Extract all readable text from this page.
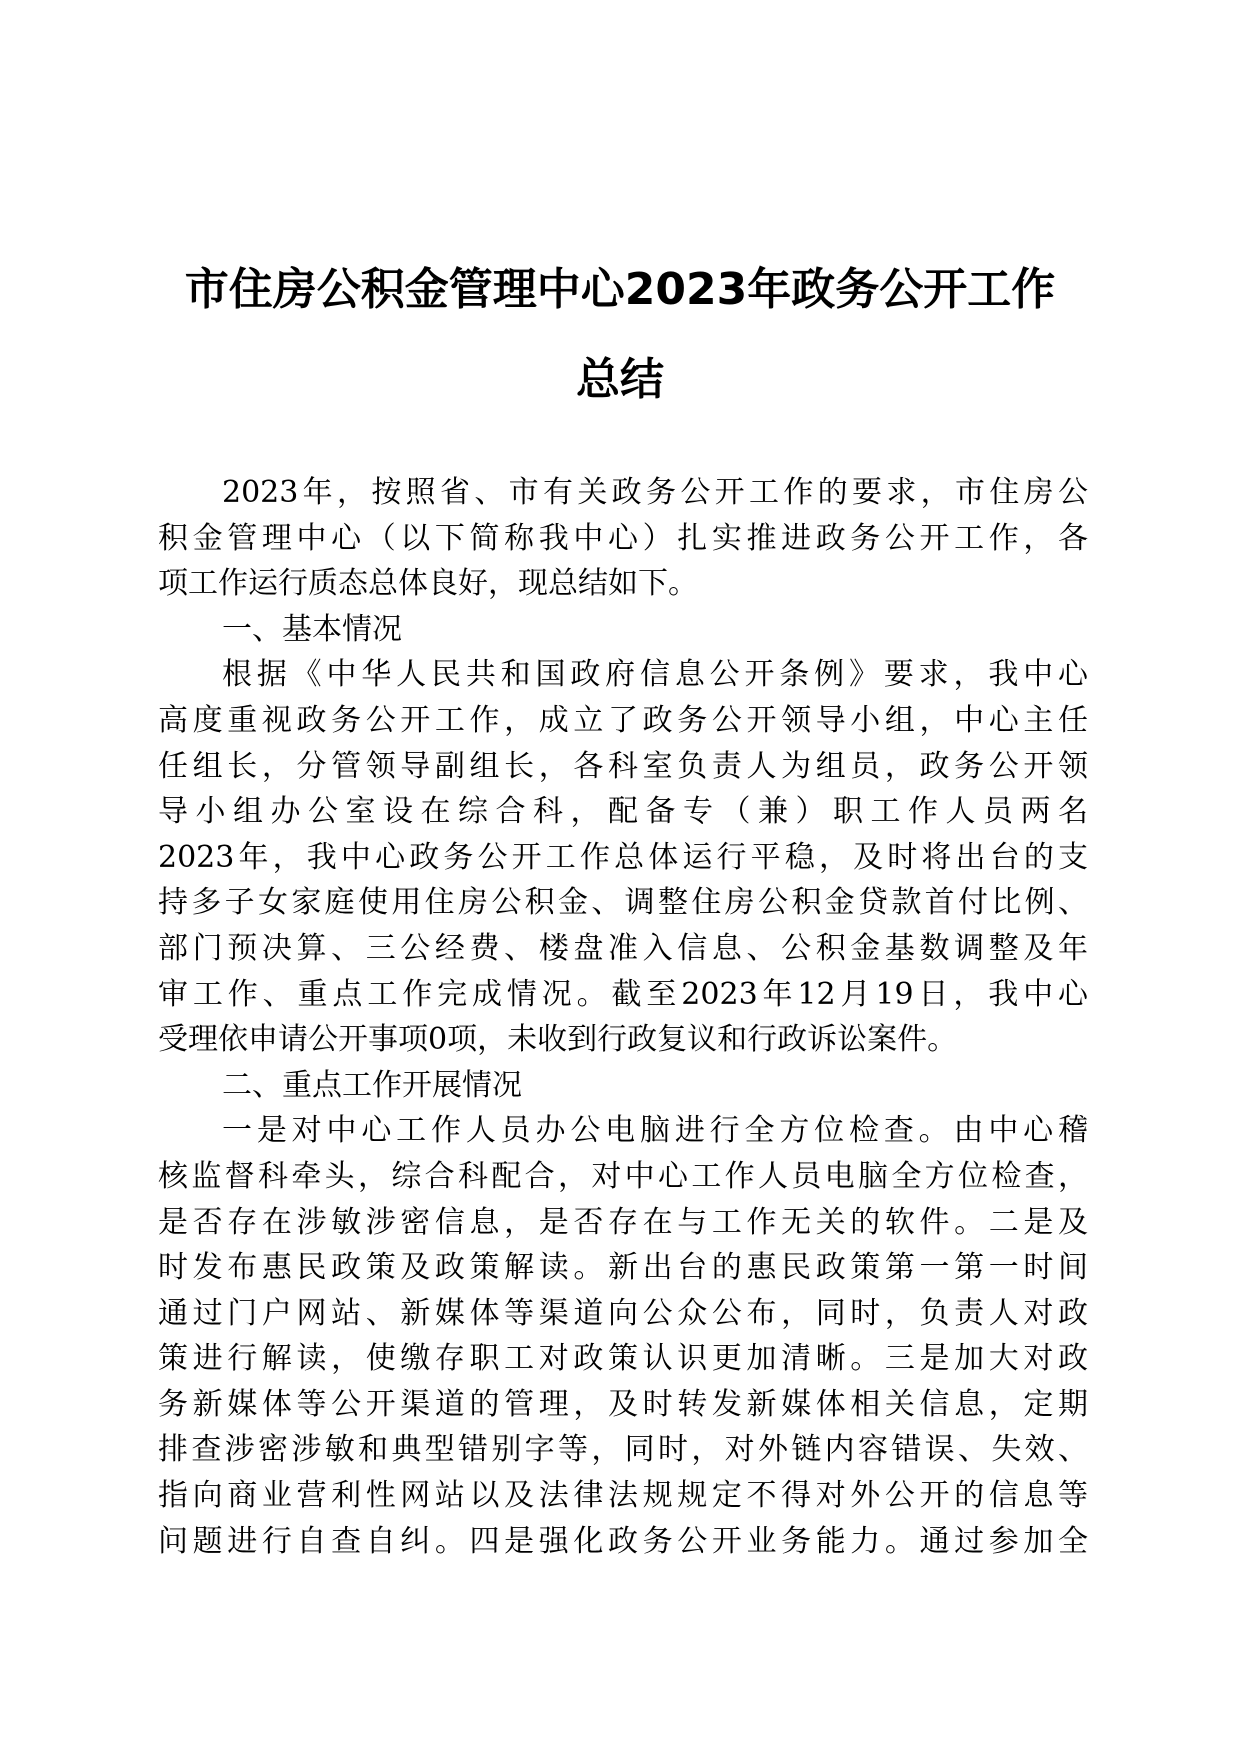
市住房公积金管理中心2023年政务公开工作
总结
2023年，按照省、市有关政务公开工作的要求，市住房公
积金管理中心（以下简称我中心）扎实推进政务公开工作，各
项工作运行质态总体良好，现总结如下。
一、基本情况
根据《中华人民共和国政府信息公开条例》要求，我中心
高度重视政务公开工作，成立了政务公开领导小组，中心主任
任组长，分管领导副组长，各科室负责人为组员，政务公开领
导小组办公室设在综合科，配备专（兼）职工作人员两名
2023年，我中心政务公开工作总体运行平稳，及时将出台的支
持多子女家庭使用住房公积金、调整住房公积金贷款首付比例、
部门预决算、三公经费、楼盘准入信息、公积金基数调整及年
审工作、重点工作完成情况。截至2023年12月19日，我中心
受理依申请公开事项0项，未收到行政复议和行政诉讼案件。
二、重点工作开展情况
一是对中心工作人员办公电脑进行全方位检查。由中心稽
核监督科牵头，综合科配合，对中心工作人员电脑全方位检查，
是否存在涉敏涉密信息，是否存在与工作无关的软件。二是及
时发布惠民政策及政策解读。新出台的惠民政策第一第一时间
通过门户网站、新媒体等渠道向公众公布，同时，负责人对政
策进行解读，使缴存职工对政策认识更加清晰。三是加大对政
务新媒体等公开渠道的管理，及时转发新媒体相关信息，定期
排查涉密涉敏和典型错别字等，同时，对外链内容错误、失效、
指向商业营利性网站以及法律法规规定不得对外公开的信息等
问题进行自查自纠。四是强化政务公开业务能力。通过参加全
